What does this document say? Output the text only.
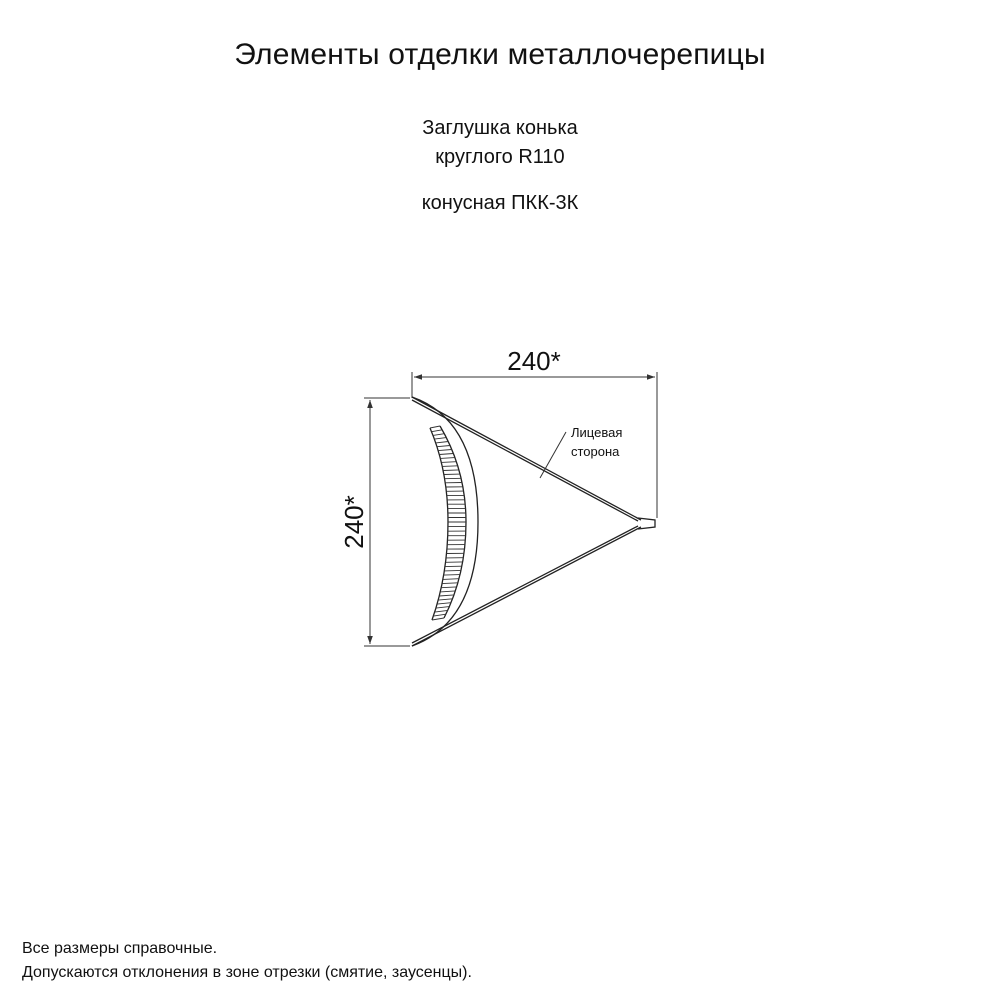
Элементы отделки металлочерепицы
Заглушка конька
круглого R110
конусная ПКК-3К
240*
240*
Лицевая
сторона
Все размеры справочные.
Допускаются отклонения в зоне отрезки (смятие, заусенцы).
